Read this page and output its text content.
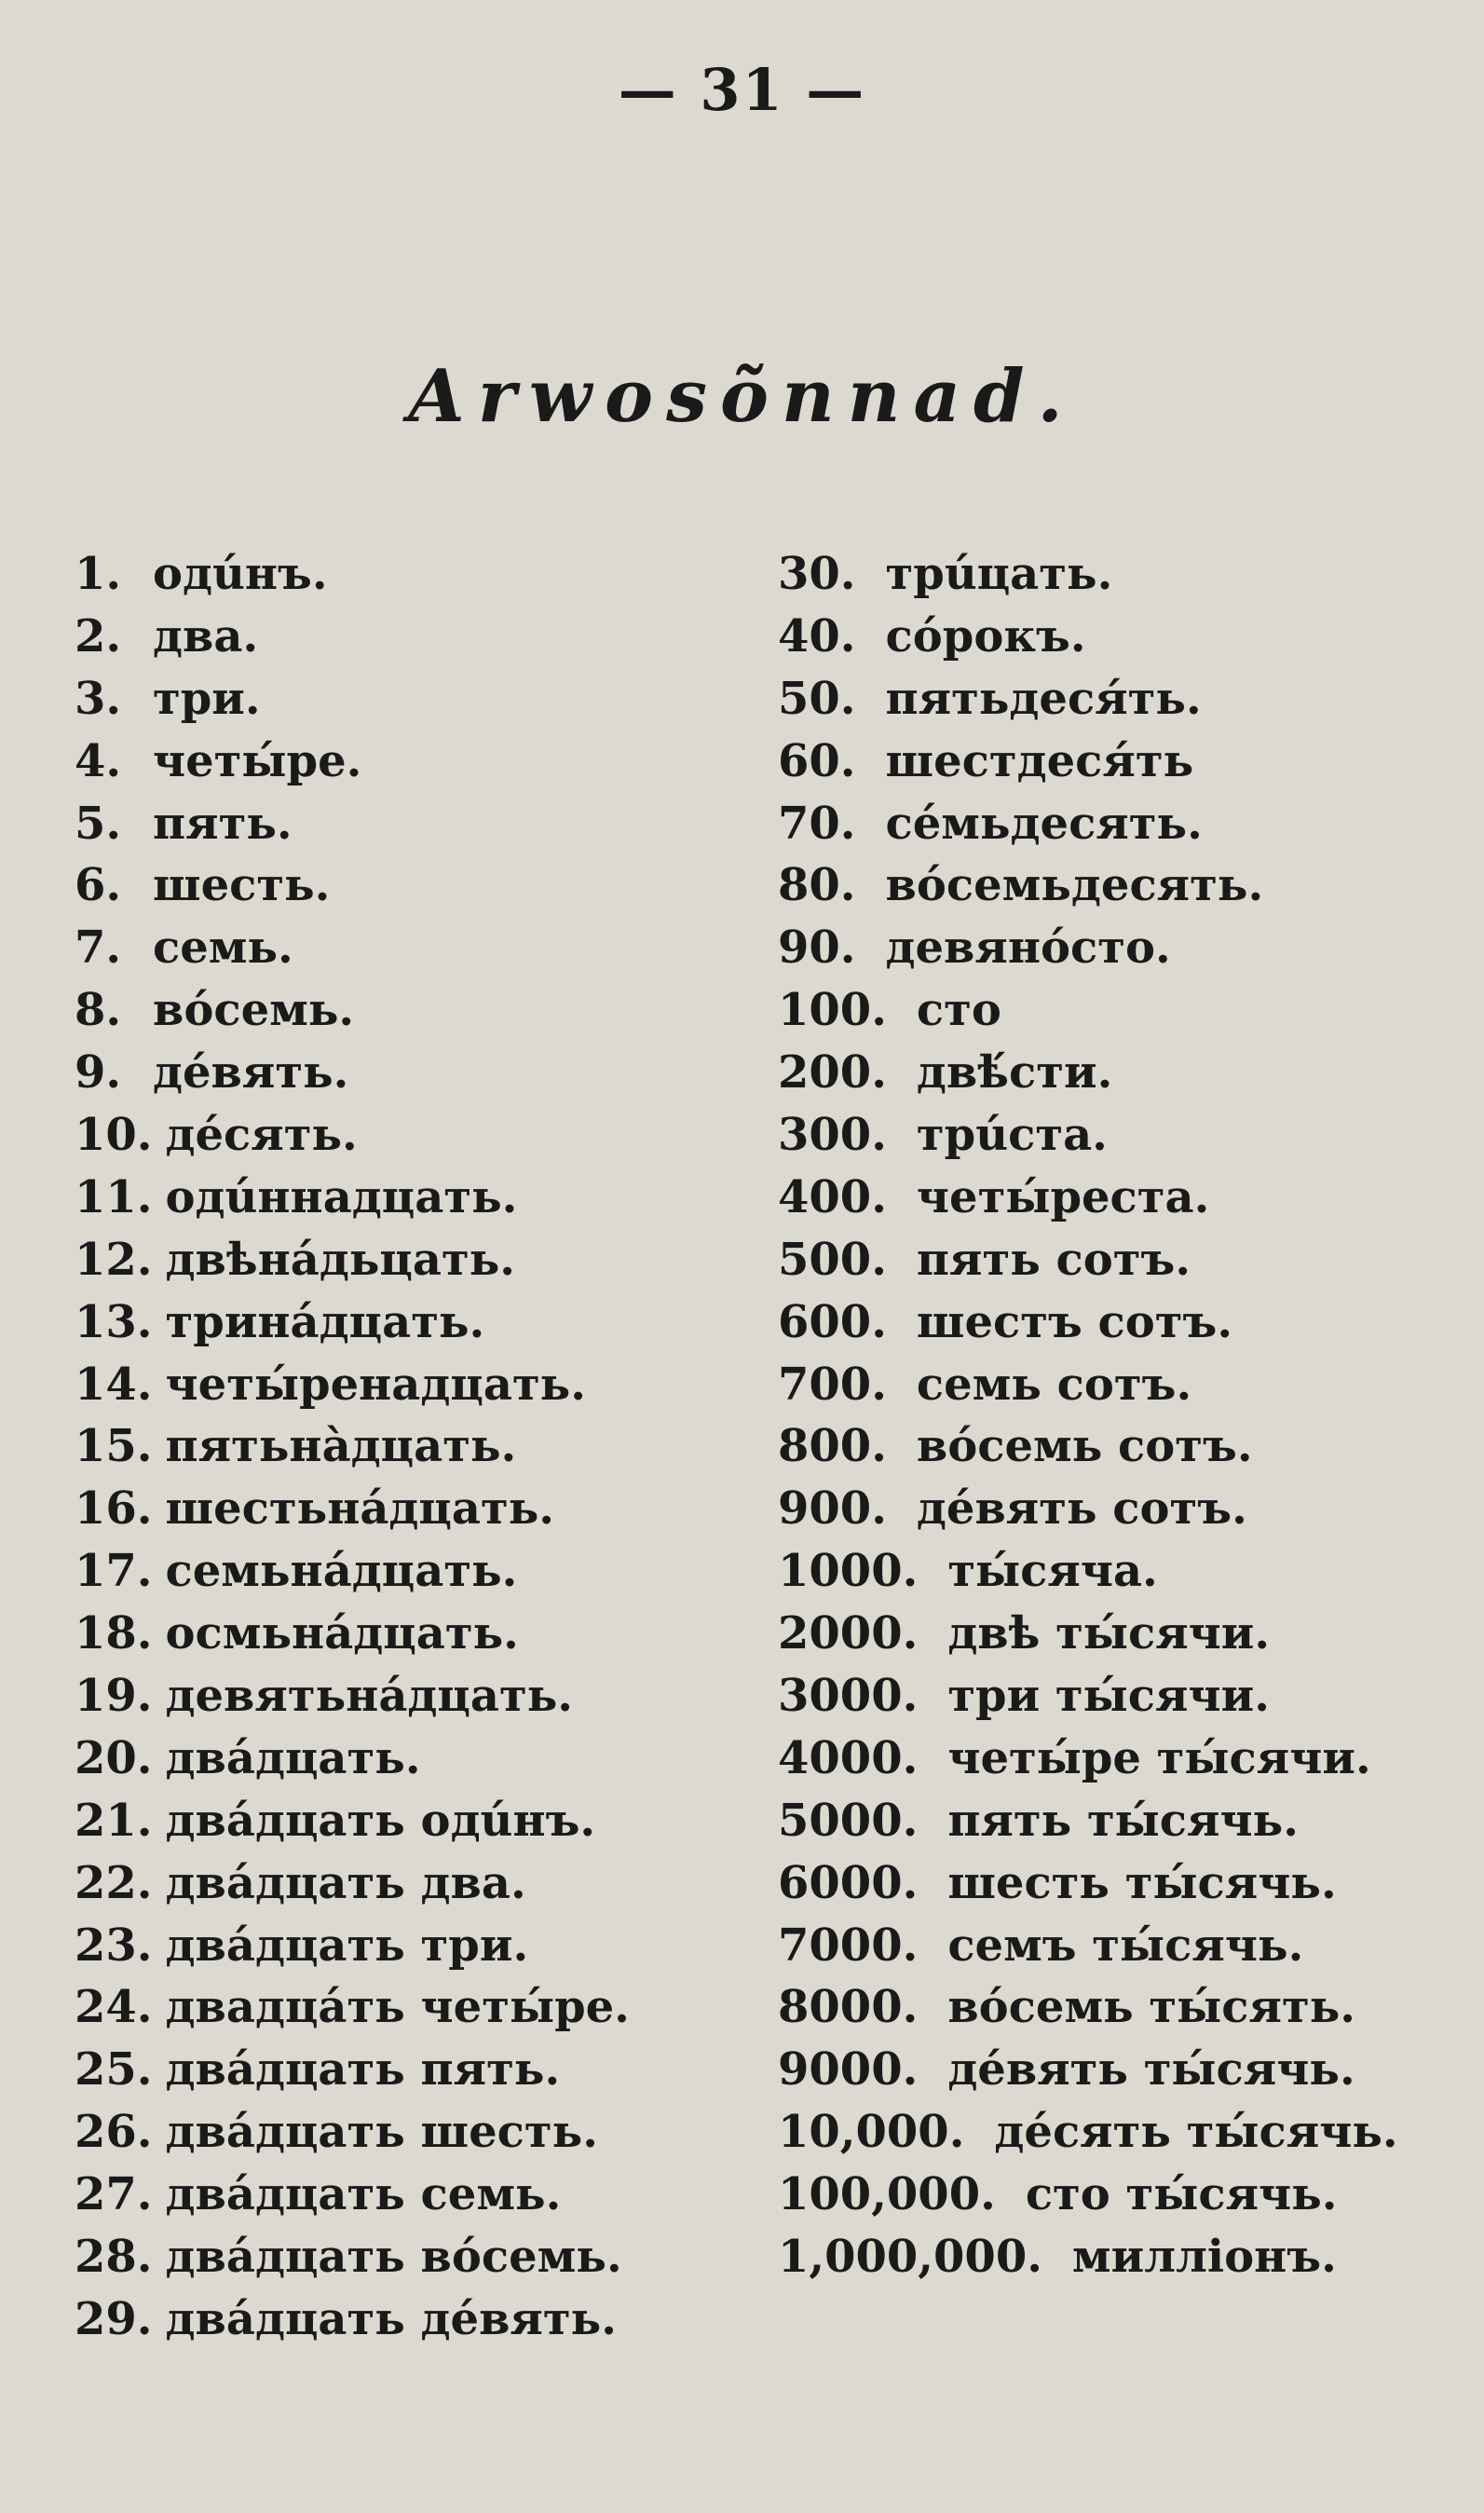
— 31 —
Arwosõnnad.
1. одúнъ.
2. два.
3. три.
4. четы́ре.
5. пять.
6. шесть.
7. семь.
8. вóсемь.
9. дéвять.
10. дéсять.
11. одúннадцать.
12. двѣнáдьцать.
13. тринáдцать.
14. четы́ренадцать.
15. пятьнàдцать.
16. шестьнáдцать.
17. семьнáдцать.
18. осмьнáдцать.
19. девятьнáдцать.
20. двáдцать.
21. двáдцать одúнъ.
22. двáдцать два.
23. двáдцать три.
24. двадцáть четы́ре.
25. двáдцать пять.
26. двáдцать шесть.
27. двáдцать семь.
28. двáдцать вóсемь.
29. двáдцать дéвять.
30. трúцать.
40. сóрокъ.
50. пятьдеся́ть.
60. шестдеся́ть
70. сéмьдесять.
80. вóсемьдесять.
90. девянóсто.
100. сто
200. двѣ́сти.
300. трúста.
400. четы́реста.
500. пять сотъ.
600. шестъ сотъ.
700. семь сотъ.
800. вóсемь сотъ.
900. дéвять сотъ.
1000. ты́сяча.
2000. двѣ ты́сячи.
3000. три ты́сячи.
4000. четы́ре ты́сячи.
5000. пять ты́сячь.
6000. шесть ты́сячь.
7000. семъ ты́сячь.
8000. вóсемь ты́сять.
9000. дéвять ты́сячь.
10,000. дéсять ты́сячь.
100,000. сто ты́сячь.
1,000,000. миллiонъ.
